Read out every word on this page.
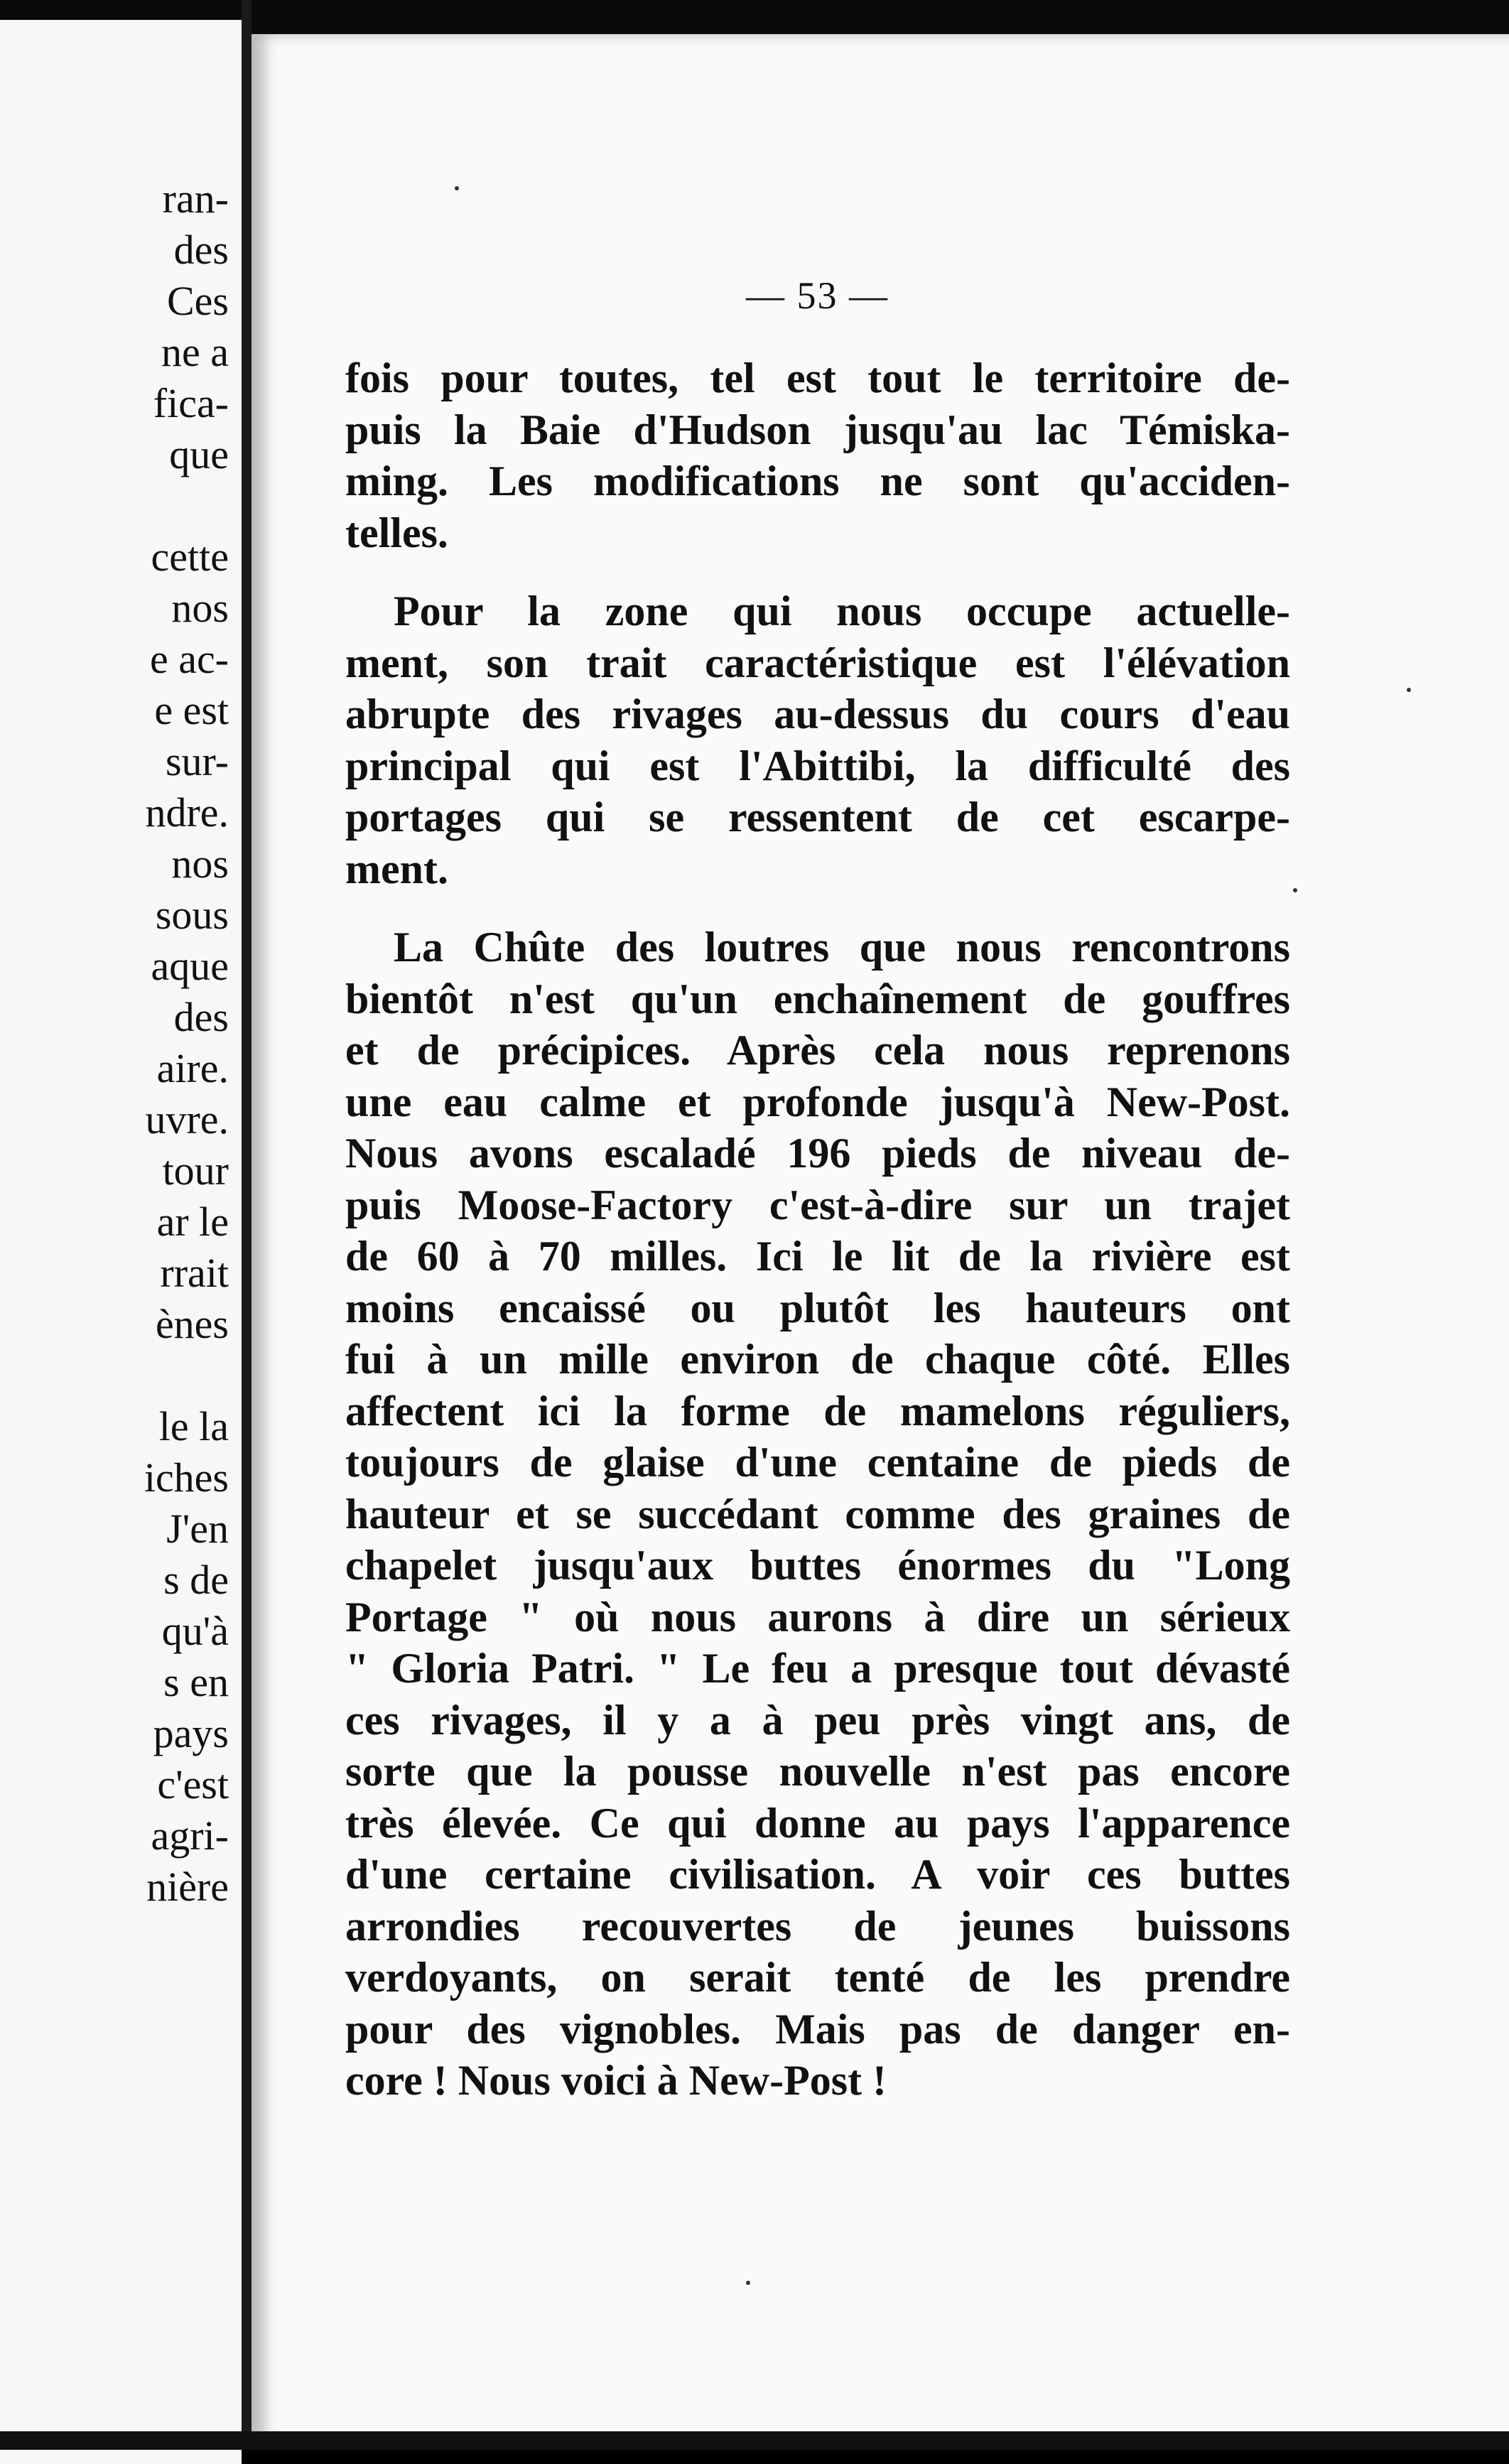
ran-
des
Ces
ne a
fica-
que
cette
nos
e ac-
e est
sur-
ndre.
nos
sous
aque
des
aire.
uvre.
tour
ar le
rrait
ènes
le la
iches
J'en
s de
qu'à
s en
pays
c'est
agri-
nière
— 53 —
fois pour toutes, tel est tout le territoire de-
puis la Baie d'Hudson jusqu'au lac Témiska-
ming. Les modifications ne sont qu'acciden-
telles.
Pour la zone qui nous occupe actuelle-
ment, son trait caractéristique est l'élévation
abrupte des rivages au-dessus du cours d'eau
principal qui est l'Abittibi, la difficulté des
portages qui se ressentent de cet escarpe-
ment.
La Chûte des loutres que nous rencontrons
bientôt n'est qu'un enchaînement de gouffres
et de précipices. Après cela nous reprenons
une eau calme et profonde jusqu'à New-Post.
Nous avons escaladé 196 pieds de niveau de-
puis Moose-Factory c'est-à-dire sur un trajet
de 60 à 70 milles. Ici le lit de la rivière est
moins encaissé ou plutôt les hauteurs ont
fui à un mille environ de chaque côté. Elles
affectent ici la forme de mamelons réguliers,
toujours de glaise d'une centaine de pieds de
hauteur et se succédant comme des graines de
chapelet jusqu'aux buttes énormes du "Long
Portage " où nous aurons à dire un sérieux
" Gloria Patri. " Le feu a presque tout dévasté
ces rivages, il y a à peu près vingt ans, de
sorte que la pousse nouvelle n'est pas encore
très élevée. Ce qui donne au pays l'apparence
d'une certaine civilisation. A voir ces buttes
arrondies recouvertes de jeunes buissons
verdoyants, on serait tenté de les prendre
pour des vignobles. Mais pas de danger en-
core ! Nous voici à New-Post !
